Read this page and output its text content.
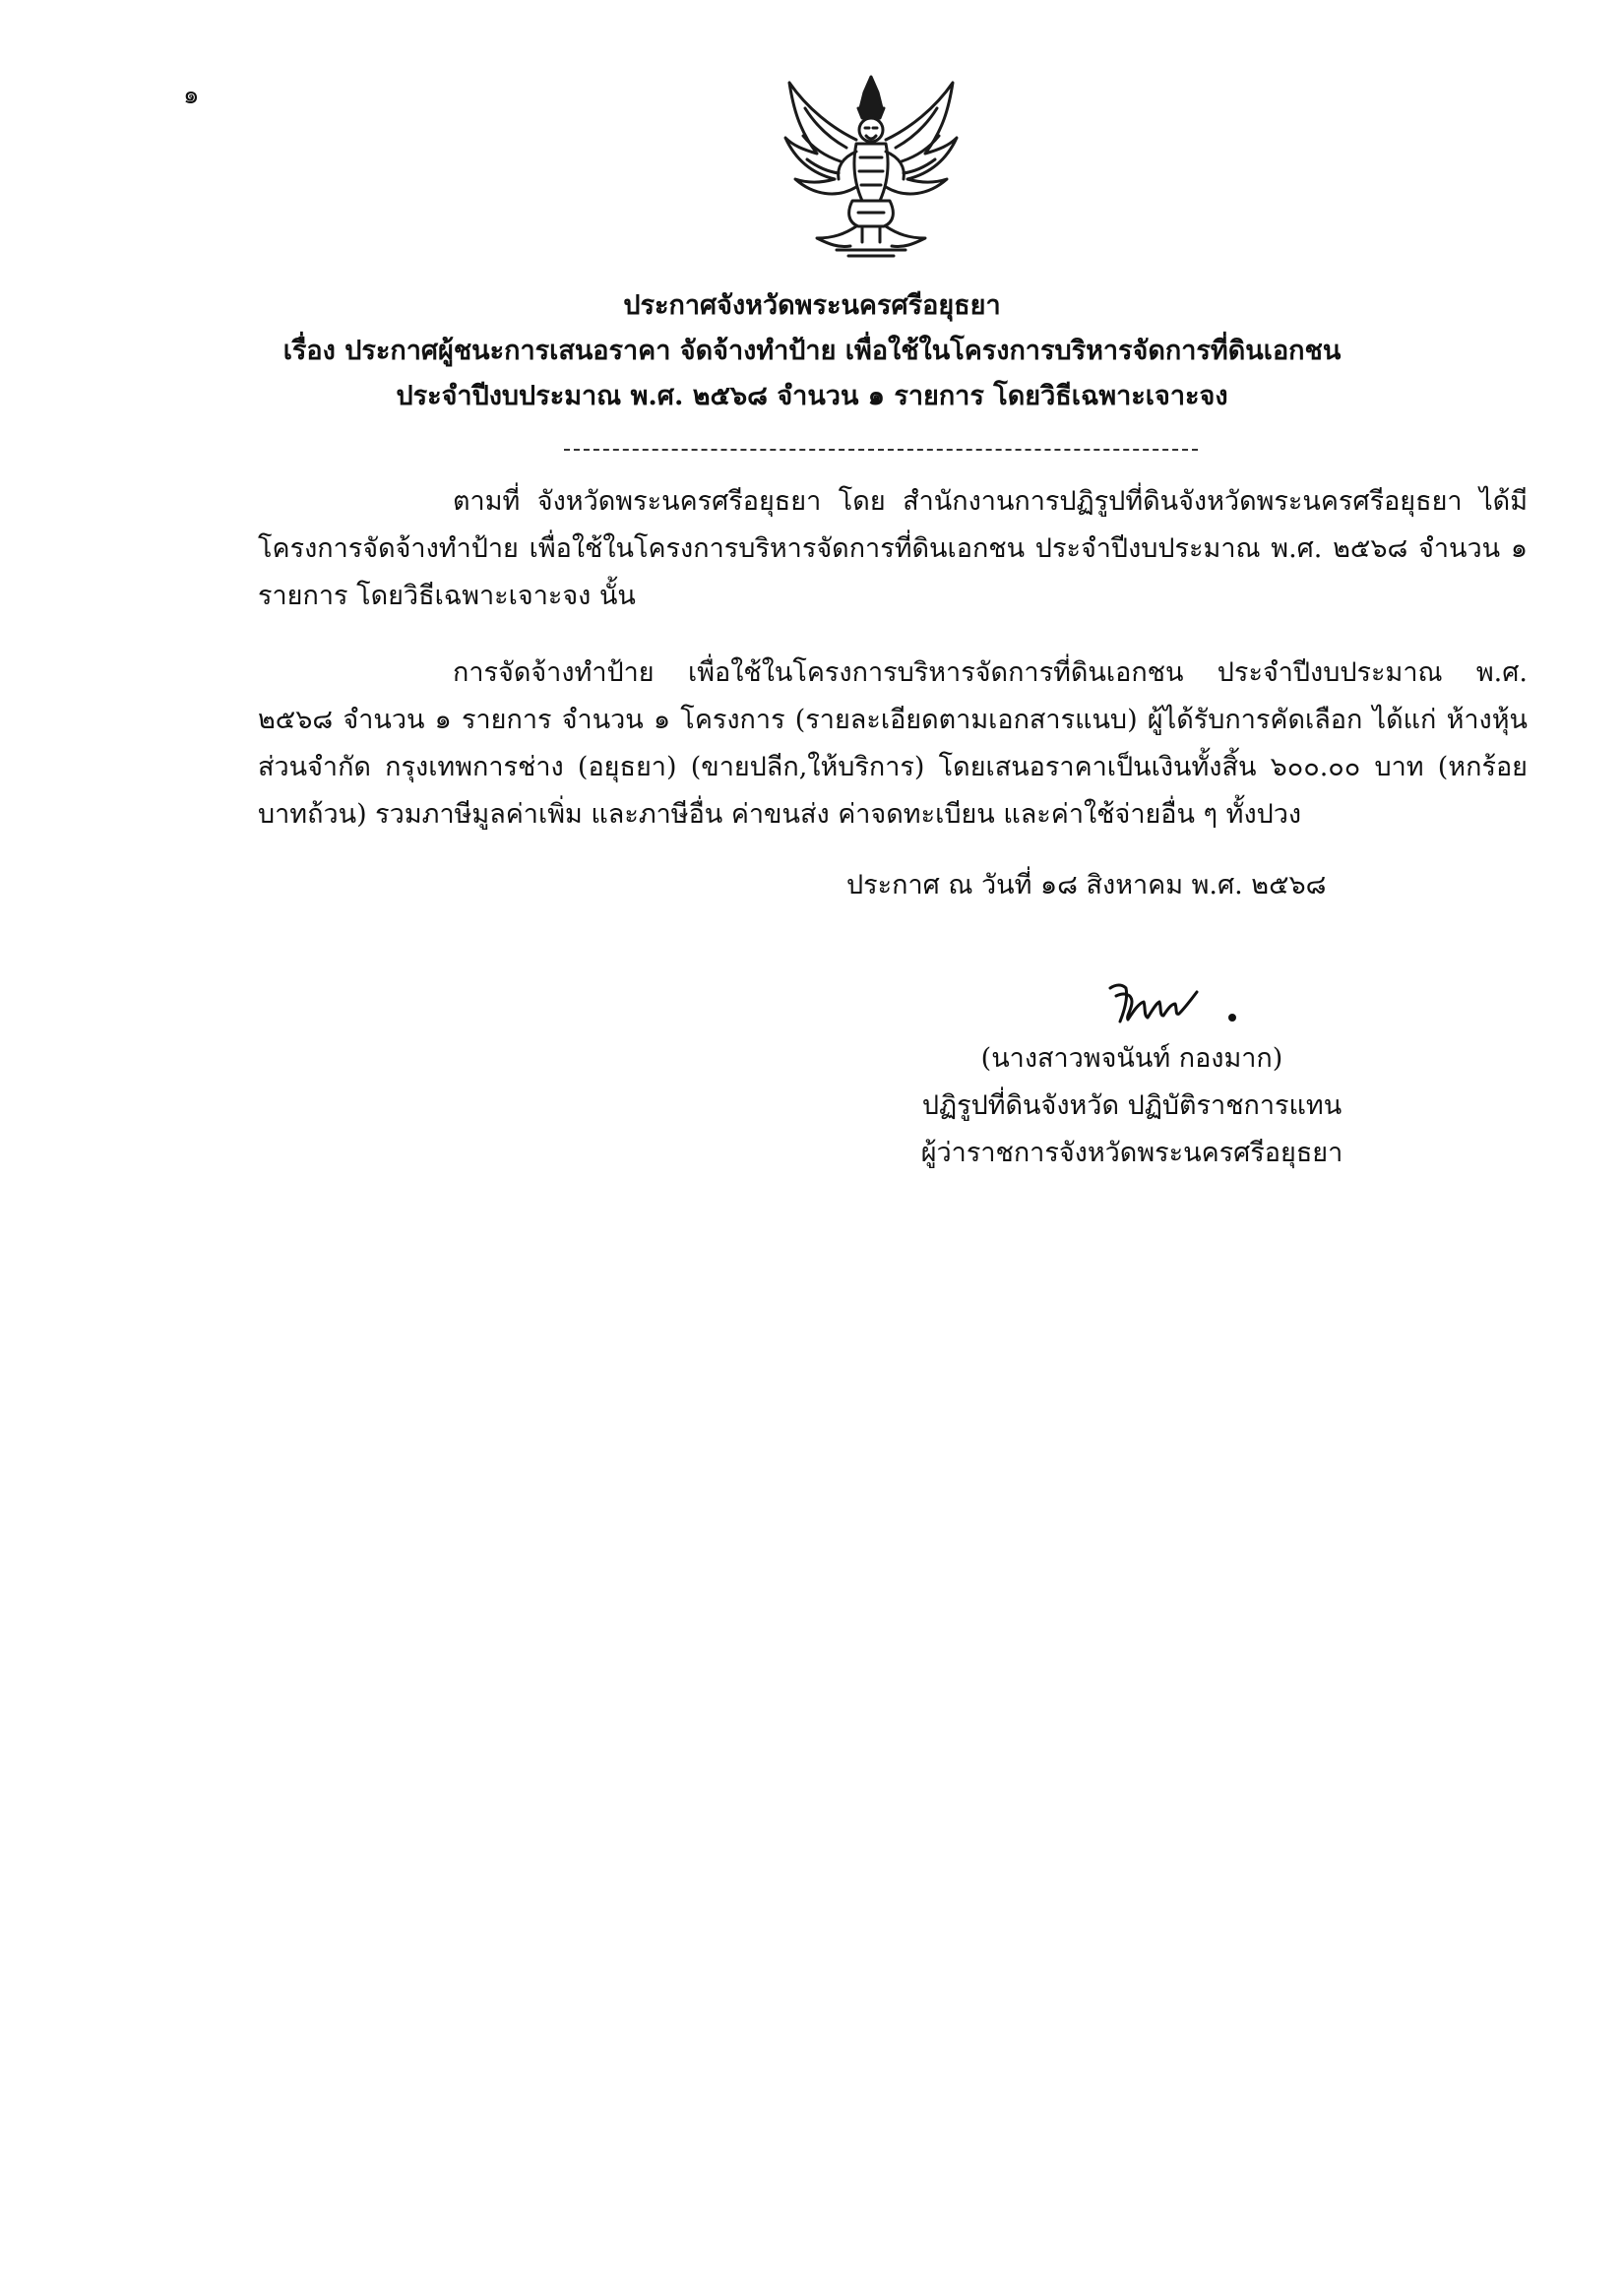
๑
ประกาศจังหวัดพระนครศรีอยุธยา
เรื่อง ประกาศผู้ชนะการเสนอราคา จัดจ้างทำป้าย เพื่อใช้ในโครงการบริหารจัดการที่ดินเอกชน
ประจำปีงบประมาณ พ.ศ. ๒๕๖๘ จำนวน ๑ รายการ โดยวิธีเฉพาะเจาะจง

ตามที่ จังหวัดพระนครศรีอยุธยา โดย สำนักงานการปฏิรูปที่ดินจังหวัดพระนครศรีอยุธยา ได้มีโครงการจัดจ้างทำป้าย เพื่อใช้ในโครงการบริหารจัดการที่ดินเอกชน ประจำปีงบประมาณ พ.ศ. ๒๕๖๘ จำนวน ๑ รายการ โดยวิธีเฉพาะเจาะจง นั้น

การจัดจ้างทำป้าย เพื่อใช้ในโครงการบริหารจัดการที่ดินเอกชน ประจำปีงบประมาณ พ.ศ. ๒๕๖๘ จำนวน ๑ รายการ จำนวน ๑ โครงการ (รายละเอียดตามเอกสารแนบ) ผู้ได้รับการคัดเลือก ได้แก่ ห้างหุ้นส่วนจำกัด กรุงเทพการช่าง (อยุธยา) (ขายปลีก,ให้บริการ) โดยเสนอราคาเป็นเงินทั้งสิ้น ๖๐๐.๐๐ บาท (หกร้อยบาทถ้วน) รวมภาษีมูลค่าเพิ่ม และภาษีอื่น ค่าขนส่ง ค่าจดทะเบียน และค่าใช้จ่ายอื่น ๆ ทั้งปวง

ประกาศ ณ วันที่ ๑๘ สิงหาคม พ.ศ. ๒๕๖๘
(นางสาวพจนันท์ กองมาก)
ปฏิรูปที่ดินจังหวัด ปฏิบัติราชการแทน
ผู้ว่าราชการจังหวัดพระนครศรีอยุธยา
